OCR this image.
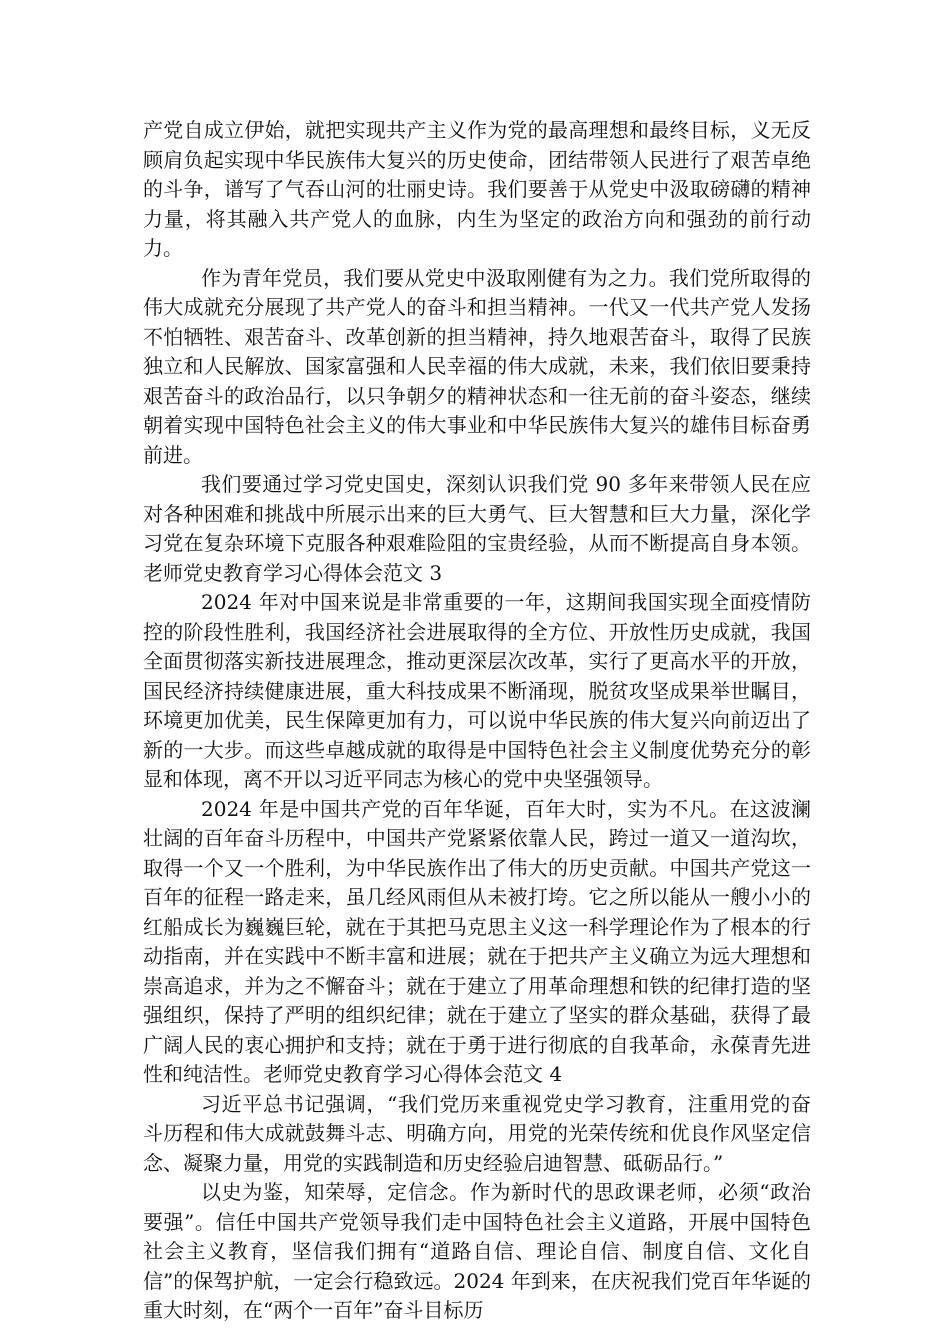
产党自成立伊始，就把实现共产主义作为党的最高理想和最终目标，义无反顾肩负起实现中华民族伟大复兴的历史使命，团结带领人民进行了艰苦卓绝的斗争，谱写了气吞山河的壮丽史诗。我们要善于从党史中汲取磅礴的精神力量，将其融入共产党人的血脉，内生为坚定的政治方向和强劲的前行动力。

作为青年党员，我们要从党史中汲取刚健有为之力。我们党所取得的伟大成就充分展现了共产党人的奋斗和担当精神。一代又一代共产党人发扬不怕牺牲、艰苦奋斗、改革创新的担当精神，持久地艰苦奋斗，取得了民族独立和人民解放、国家富强和人民幸福的伟大成就，未来，我们依旧要秉持艰苦奋斗的政治品行，以只争朝夕的精神状态和一往无前的奋斗姿态，继续朝着实现中国特色社会主义的伟大事业和中华民族伟大复兴的雄伟目标奋勇前进。

我们要通过学习党史国史，深刻认识我们党 90 多年来带领人民在应对各种困难和挑战中所展示出来的巨大勇气、巨大智慧和巨大力量，深化学习党在复杂环境下克服各种艰难险阻的宝贵经验，从而不断提高自身本领。老师党史教育学习心得体会范文 3

2024 年对中国来说是非常重要的一年，这期间我国实现全面疫情防控的阶段性胜利，我国经济社会进展取得的全方位、开放性历史成就，我国全面贯彻落实新技进展理念，推动更深层次改革，实行了更高水平的开放，国民经济持续健康进展，重大科技成果不断涌现，脱贫攻坚成果举世瞩目，环境更加优美，民生保障更加有力，可以说中华民族的伟大复兴向前迈出了新的一大步。而这些卓越成就的取得是中国特色社会主义制度优势充分的彰显和体现，离不开以习近平同志为核心的党中央坚强领导。

2024 年是中国共产党的百年华诞，百年大时，实为不凡。在这波澜壮阔的百年奋斗历程中，中国共产党紧紧依靠人民，跨过一道又一道沟坎，取得一个又一个胜利，为中华民族作出了伟大的历史贡献。中国共产党这一百年的征程一路走来，虽几经风雨但从未被打垮。它之所以能从一艘小小的红船成长为巍巍巨轮，就在于其把马克思主义这一科学理论作为了根本的行动指南，并在实践中不断丰富和进展；就在于把共产主义确立为远大理想和崇高追求，并为之不懈奋斗；就在于建立了用革命理想和铁的纪律打造的坚强组织，保持了严明的组织纪律；就在于建立了坚实的群众基础，获得了最广阔人民的衷心拥护和支持；就在于勇于进行彻底的自我革命，永葆青先进性和纯洁性。老师党史教育学习心得体会范文 4

习近平总书记强调，“我们党历来重视党史学习教育，注重用党的奋斗历程和伟大成就鼓舞斗志、明确方向，用党的光荣传统和优良作风坚定信念、凝聚力量，用党的实践制造和历史经验启迪智慧、砥砺品行。”

以史为鉴，知荣辱，定信念。作为新时代的思政课老师，必须“政治要强”。信任中国共产党领导我们走中国特色社会主义道路，开展中国特色社会主义教育，坚信我们拥有“道路自信、理论自信、制度自信、文化自信”的保驾护航，一定会行稳致远。2024 年到来，在庆祝我们党百年华诞的重大时刻，在“两个一百年”奋斗目标历
